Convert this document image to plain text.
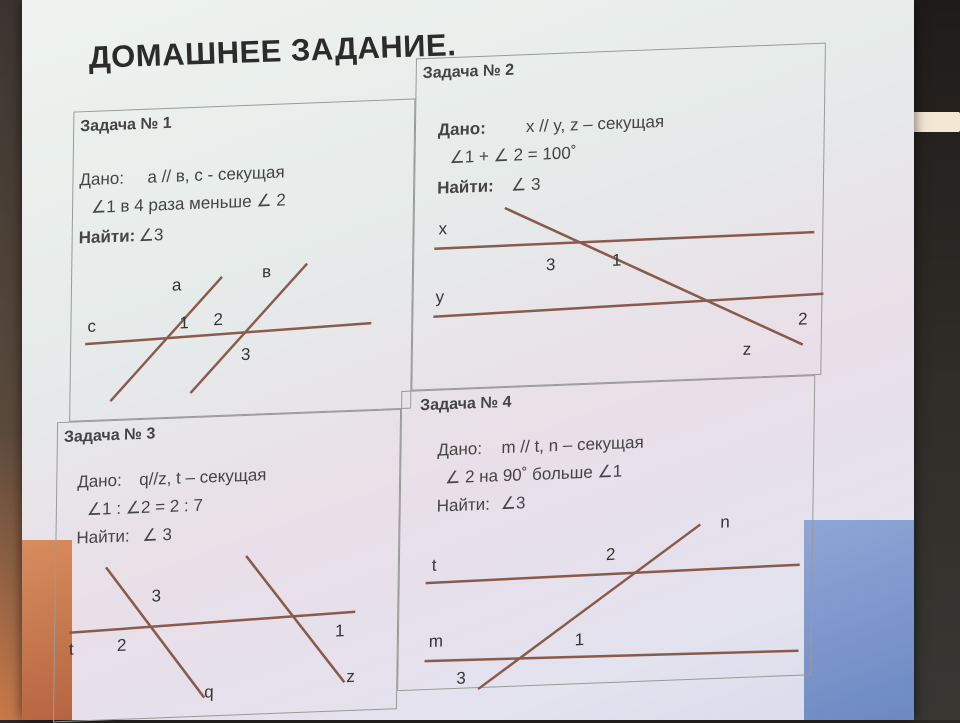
ДОМАШНЕЕ ЗАДАНИЕ.
Задача № 1
Дано: a // в, c - секущая
∠1 в 4 раза меньше ∠ 2
Найти: ∠3
a
в
c	1 2
3
Задача № 2
Дано: x // y, z – секущая
∠1 + ∠ 2 = 100˚
Найти: ∠ 3
x
y
z
3	1
2
Задача № 3
Дано: q//z, t – секущая
∠1 : ∠2 = 2 : 7
Найти: ∠ 3
t
q
z
3
2
1
Задача № 4
Дано: m // t, n – секущая
∠ 2 на 90˚ больше ∠1
Найти: ∠3
t
m
n
2
1
3
